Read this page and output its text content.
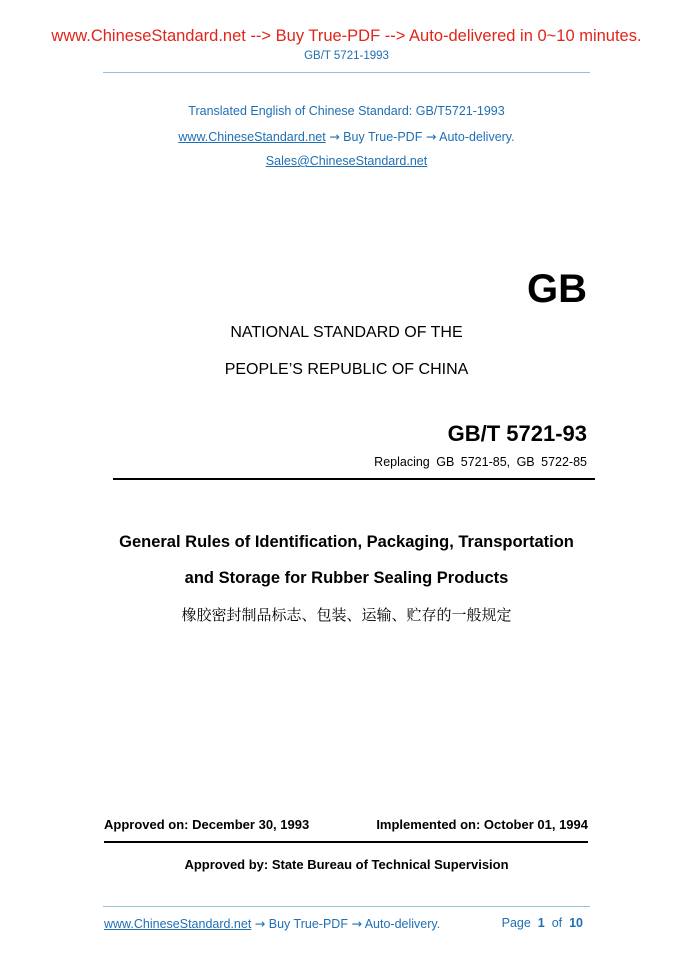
www.ChineseStandard.net --> Buy True-PDF --> Auto-delivered in 0~10 minutes.
GB/T 5721-1993
Translated English of Chinese Standard: GB/T5721-1993
www.ChineseStandard.net → Buy True-PDF → Auto-delivery.
Sales@ChineseStandard.net
GB
NATIONAL STANDARD OF THE
PEOPLE’S REPUBLIC OF CHINA
GB/T 5721-93
Replacing GB 5721-85, GB 5722-85
General Rules of Identification, Packaging, Transportation
and Storage for Rubber Sealing Products
橡胶密封制品标志、包装、运输、贮存的一般规定
Approved on: December 30, 1993	Implemented on: October 01, 1994
Approved by: State Bureau of Technical Supervision
www.ChineseStandard.net → Buy True-PDF → Auto-delivery.	Page 1 of 10
